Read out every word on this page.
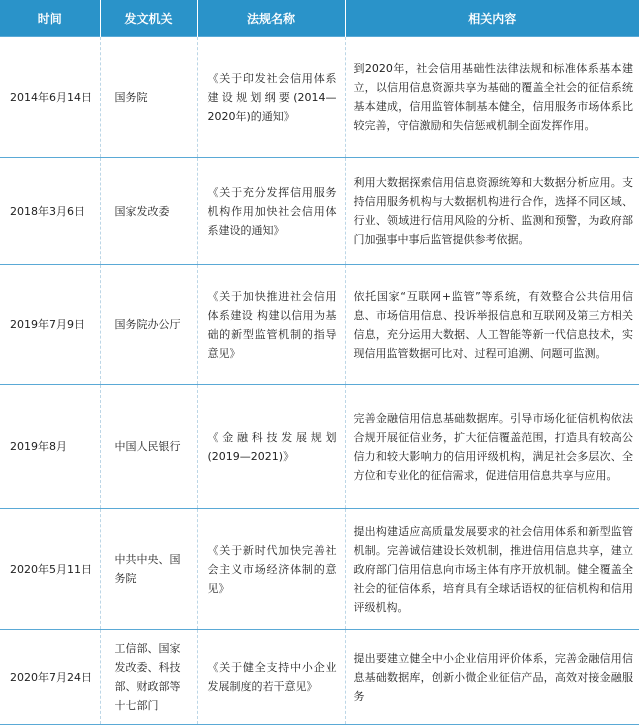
时间	发文机关	法规名称	相关内容
2014年6月14日	国务院	《关于印发社会信用体系建设规划纲要(2014—2020年)的通知》	到2020年，社会信用基础性法律法规和标准体系基本建立，以信用信息资源共享为基础的覆盖全社会的征信系统基本建成，信用监管体制基本健全，信用服务市场体系比较完善，守信激励和失信惩戒机制全面发挥作用。
2018年3月6日	国家发改委	《关于充分发挥信用服务机构作用加快社会信用体系建设的通知》	利用大数据探索信用信息资源统筹和大数据分析应用。支持信用服务机构与大数据机构进行合作，选择不同区域、行业、领域进行信用风险的分析、监测和预警，为政府部门加强事中事后监管提供参考依据。
2019年7月9日	国务院办公厅	《关于加快推进社会信用体系建设 构建以信用为基础的新型监管机制的指导意见》	依托国家“互联网+监管”等系统，有效整合公共信用信息、市场信用信息、投诉举报信息和互联网及第三方相关信息，充分运用大数据、人工智能等新一代信息技术，实现信用监管数据可比对、过程可追溯、问题可监测。
2019年8月	中国人民银行	《金融科技发展规划(2019—2021)》	完善金融信用信息基础数据库。引导市场化征信机构依法合规开展征信业务，扩大征信覆盖范围，打造具有较高公信力和较大影响力的信用评级机构，满足社会多层次、全方位和专业化的征信需求，促进信用信息共享与应用。
2020年5月11日	中共中央、国务院	《关于新时代加快完善社会主义市场经济体制的意见》	提出构建适应高质量发展要求的社会信用体系和新型监管机制。完善诚信建设长效机制，推进信用信息共享，建立政府部门信用信息向市场主体有序开放机制。健全覆盖全社会的征信体系，培育具有全球话语权的征信机构和信用评级机构。
2020年7月24日	工信部、国家发改委、科技部、财政部等十七部门	《关于健全支持中小企业发展制度的若干意见》	提出要建立健全中小企业信用评价体系，完善金融信用信息基础数据库，创新小微企业征信产品，高效对接金融服务
